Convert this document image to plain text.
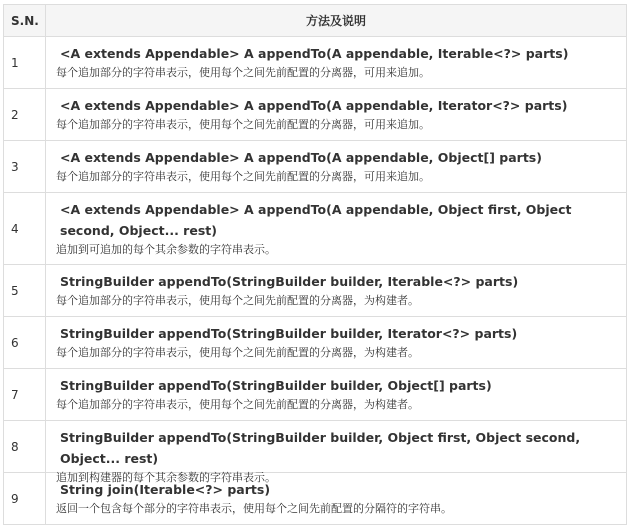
S.N.	方法及说明
1
<A extends Appendable> A appendTo(A appendable, Iterable<?> parts)
每个追加部分的字符串表示，使用每个之间先前配置的分离器，可用来追加。
2
<A extends Appendable> A appendTo(A appendable, Iterator<?> parts)
每个追加部分的字符串表示，使用每个之间先前配置的分离器，可用来追加。
3
<A extends Appendable> A appendTo(A appendable, Object[] parts)
每个追加部分的字符串表示，使用每个之间先前配置的分离器，可用来追加。
4
<A extends Appendable> A appendTo(A appendable, Object first, Object second, Object... rest)
追加到可追加的每个其余参数的字符串表示。
5
StringBuilder appendTo(StringBuilder builder, Iterable<?> parts)
每个追加部分的字符串表示，使用每个之间先前配置的分离器，为构建者。
6
StringBuilder appendTo(StringBuilder builder, Iterator<?> parts)
每个追加部分的字符串表示，使用每个之间先前配置的分离器，为构建者。
7
StringBuilder appendTo(StringBuilder builder, Object[] parts)
每个追加部分的字符串表示，使用每个之间先前配置的分离器，为构建者。
8
StringBuilder appendTo(StringBuilder builder, Object first, Object second, Object... rest)
追加到构建器的每个其余参数的字符串表示。
9
String join(Iterable<?> parts)
返回一个包含每个部分的字符串表示，使用每个之间先前配置的分隔符的字符串。
